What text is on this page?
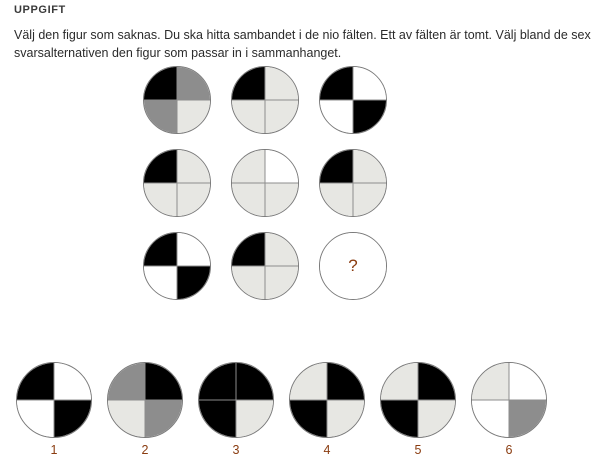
UPPGIFT
Välj den figur som saknas. Du ska hitta sambandet i de nio fälten. Ett av fälten är tomt. Välj bland de sex svarsalternativen den figur som passar in i sammanhanget.
?
1	2	3	4	5	6
